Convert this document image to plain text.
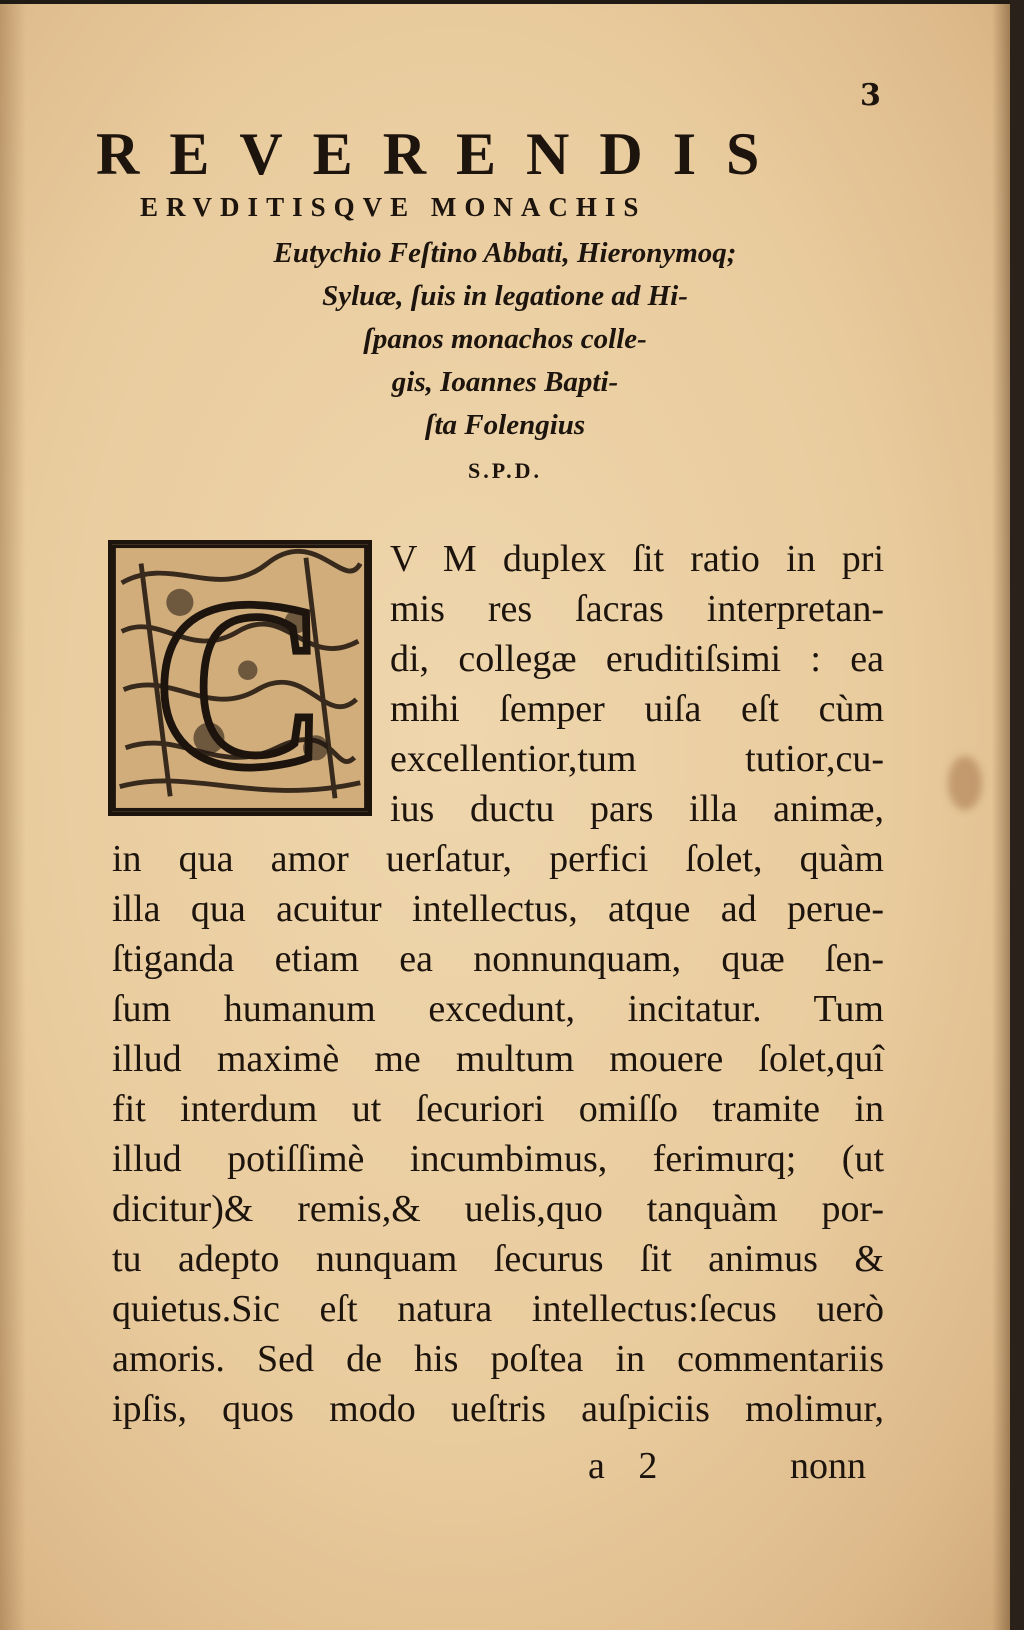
3
REVERENDIS
ERVDITISQVE MONACHIS
Eutychio Feſtino Abbati, Hieronymoq;
Syluæ, ſuis in legatione ad Hi-
ſpanos monachos colle-
gis, Ioannes Bapti-
ſta Folengius
S.P.D.
C V M duplex ſit ratio in pri
mis res ſacras interpretan-
di, collegæ eruditiſsimi : ea
mihi ſemper uiſa eſt cùm
excellentior,tum tutior,cu-
ius ductu pars illa animæ,
in qua amor uerſatur, perfici ſolet, quàm
illa qua acuitur intellectus, atque ad perue-
ſtiganda etiam ea nonnunquam, quæ ſen-
ſum humanum excedunt, incitatur. Tum
illud maximè me multum mouere ſolet,quî
fit interdum ut ſecuriori omiſſo tramite in
illud potiſſimè incumbimus, ferimurq; (ut
dicitur)& remis,& uelis,quo tanquàm por-
tu adepto nunquam ſecurus ſit animus &
quietus.Sic eſt natura intellectus:ſecus uerò
amoris. Sed de his poſtea in commentariis
ipſis, quos modo ueſtris auſpiciis molimur,
a 2	nonn
